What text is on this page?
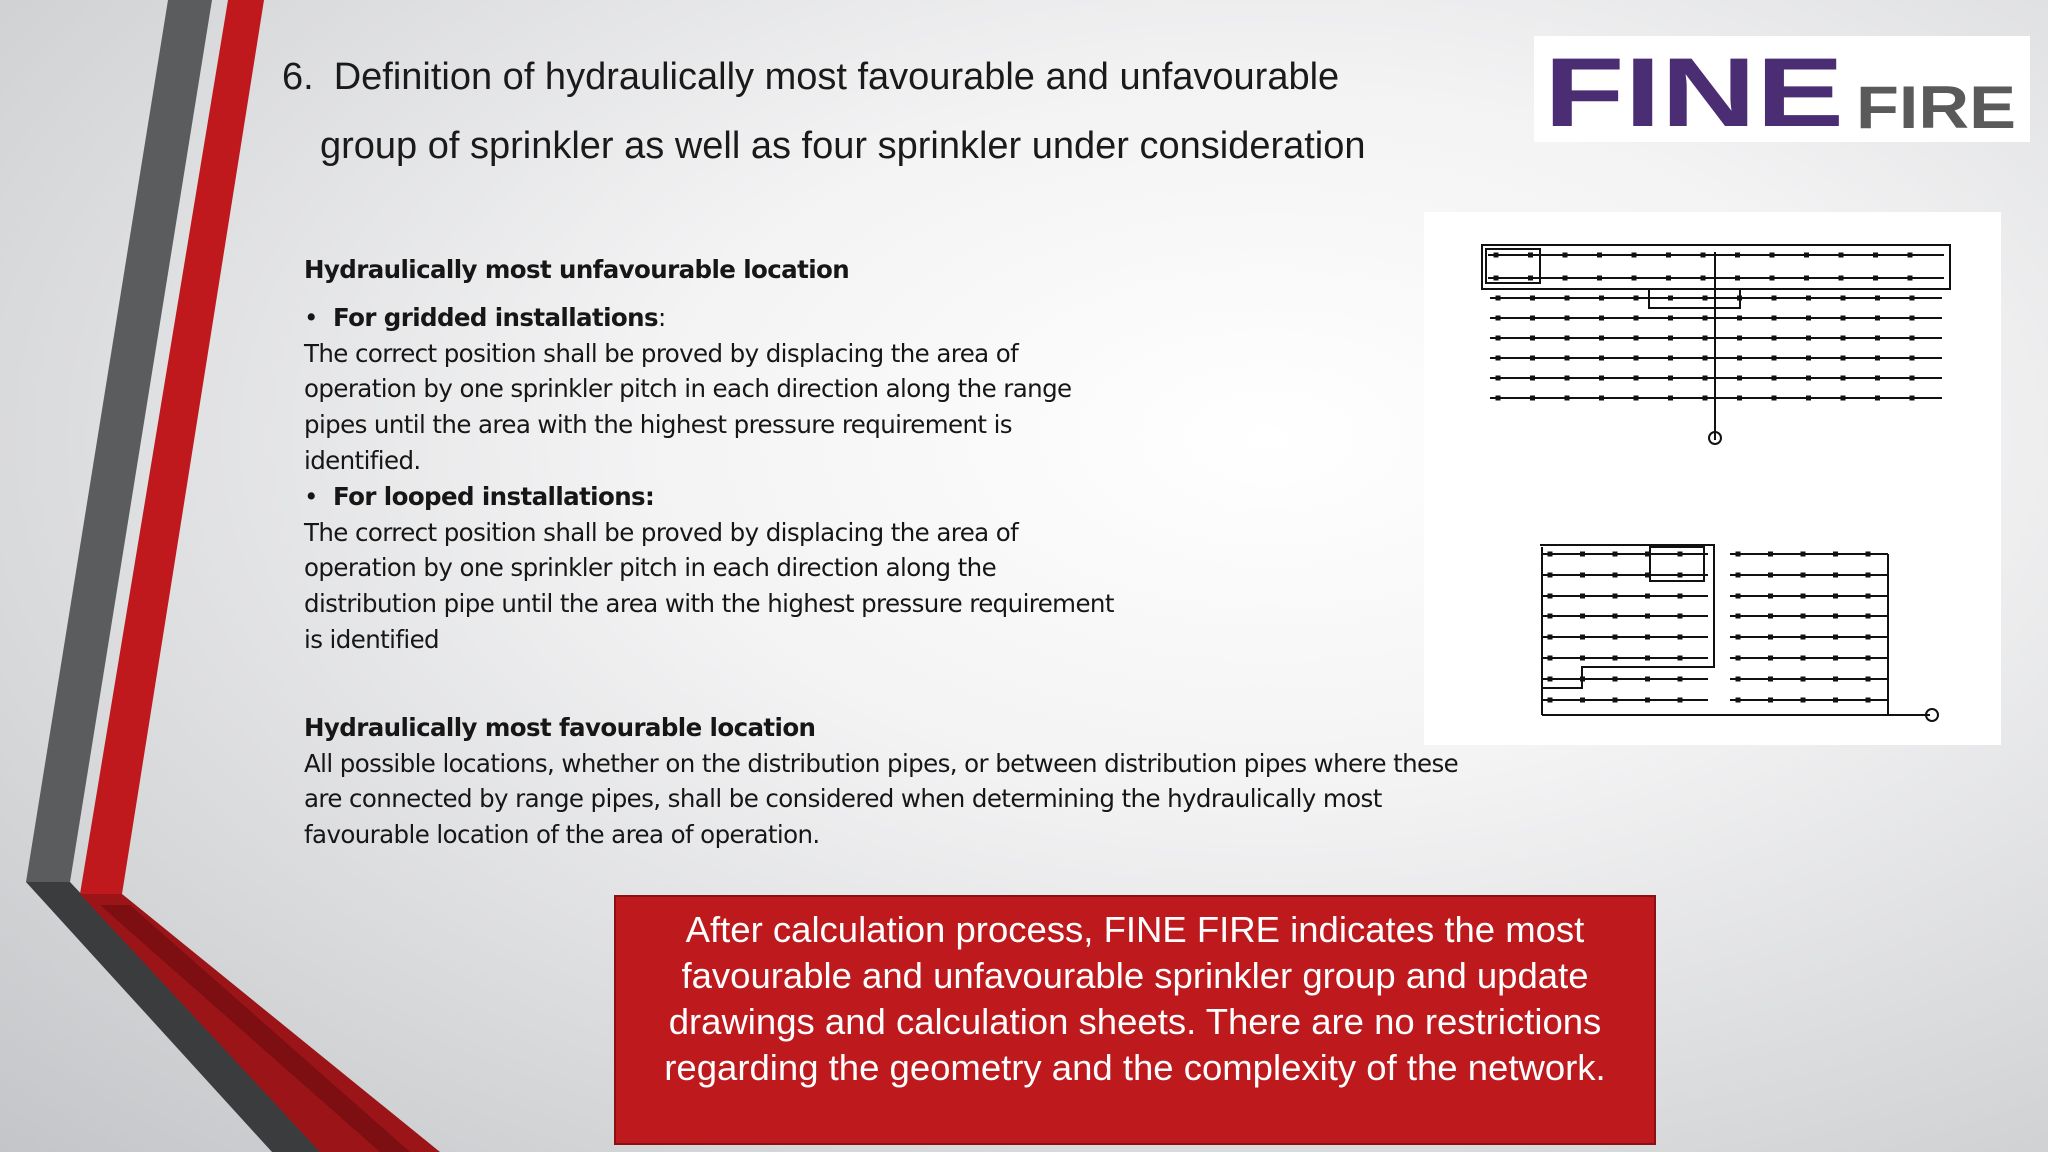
6. Definition of hydraulically most favourable and unfavourable
group of sprinkler as well as four sprinkler under consideration	FINE FIRE
Hydraulically most unfavourable location
• For gridded installations:
The correct position shall be proved by displacing the area of operation by one sprinkler pitch in each direction along the range pipes until the area with the highest pressure requirement is identified.
• For looped installations:
The correct position shall be proved by displacing the area of operation by one sprinkler pitch in each direction along the distribution pipe until the area with the highest pressure requirement is identified
Hydraulically most favourable location
All possible locations, whether on the distribution pipes, or between distribution pipes where these are connected by range pipes, shall be considered when determining the hydraulically most favourable location of the area of operation.
After calculation process, FINE FIRE indicates the most favourable and unfavourable sprinkler group and update drawings and calculation sheets. There are no restrictions regarding the geometry and the complexity of the network.
